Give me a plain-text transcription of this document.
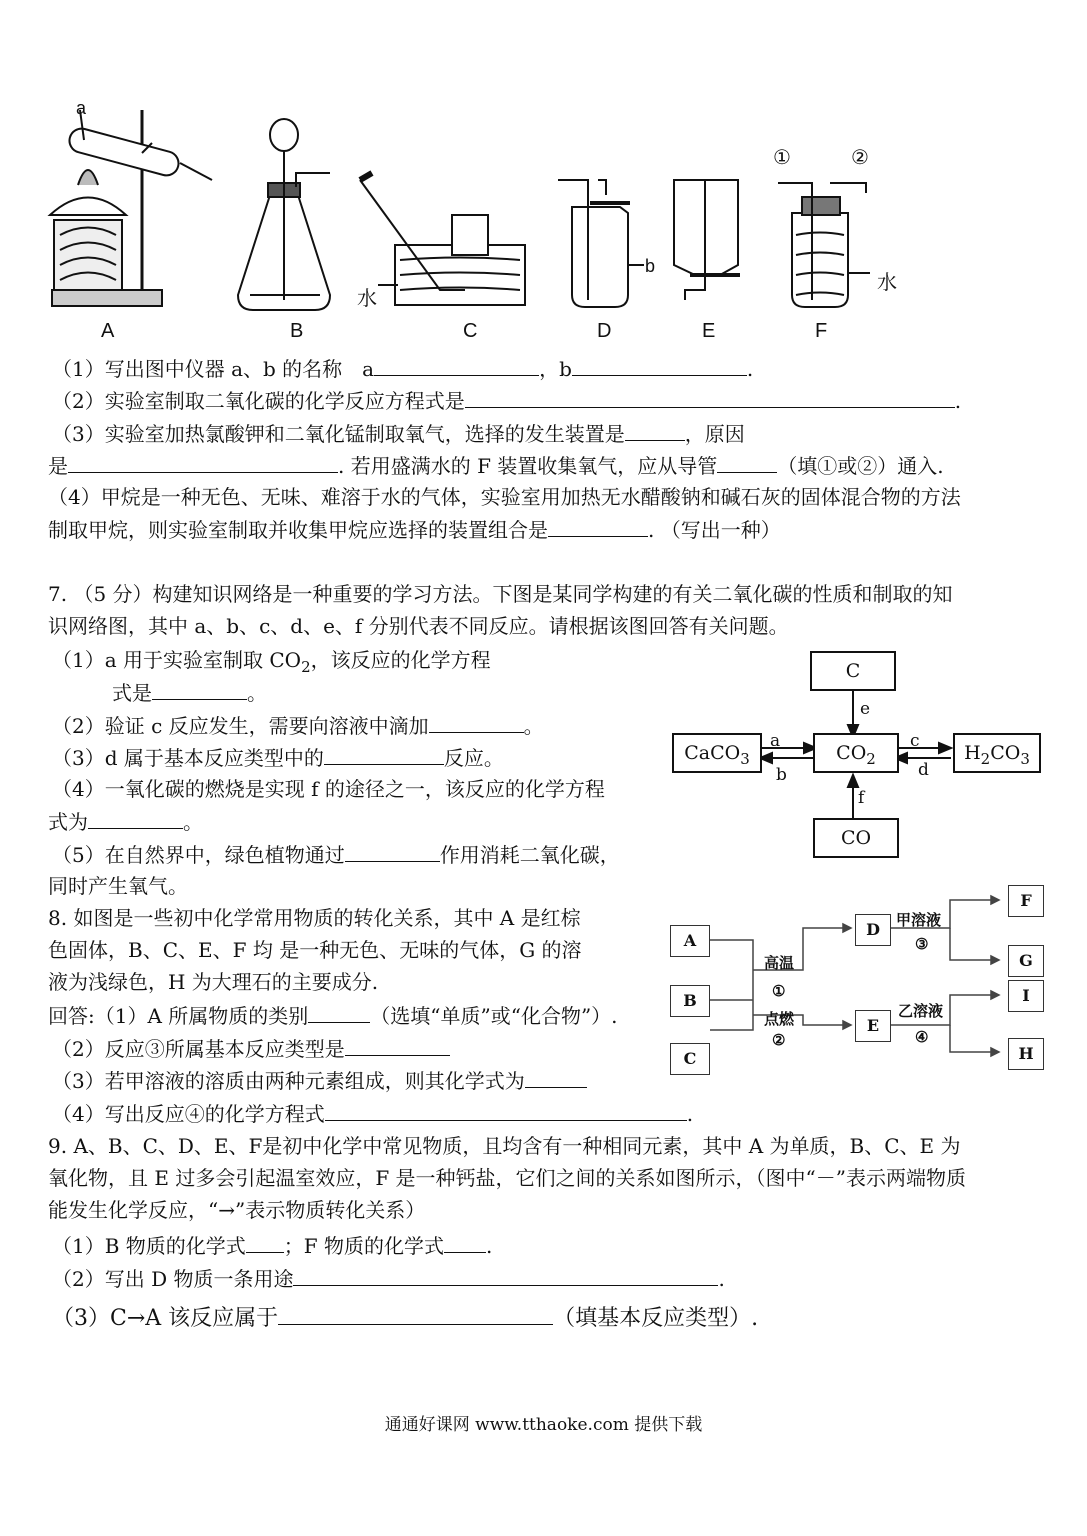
a
b
水
水
①	②
A	B	C	D	E	F
（1）写出图中仪器 a、b 的名称　a	，b	.
（2）实验室制取二氧化碳的化学反应方程式是	.
（3）实验室加热氯酸钾和二氧化锰制取氧气，选择的发生装置是	，原因
是	. 若用盛满水的 F 装置收集氧气，应从导管	（填①或②）通入.
（4）甲烷是一种无色、无味、难溶于水的气体，实验室用加热无水醋酸钠和碱石灰的固体混合物的方法
制取甲烷，则实验室制取并收集甲烷应选择的装置组合是	. （写出一种）
7. （5 分）构建知识网络是一种重要的学习方法。下图是某同学构建的有关二氧化碳的性质和制取的知
识网络图，其中 a、b、c、d、e、f 分别代表不同反应。请根据该图回答有关问题。
（1）a 用于实验室制取 $CO_2$，该反应的化学方程
式是	。
（2）验证 c 反应发生，需要向溶液中滴加	。
（3）d 属于基本反应类型中的	反应。
（4）一氧化碳的燃烧是实现 f 的途径之一，该反应的化学方程
式为	。
（5）在自然界中，绿色植物通过	作用消耗二氧化碳，
同时产生氧气。
C
CaCO$_3$	$CO_2$	$H_2CO_3$
CO
a
b
c
d
e
f
8. 如图是一些初中化学常用物质的转化关系，其中 A 是红棕
色固体，B、C、E、F 均 是一种无色、无味的气体，G 的溶
液为浅绿色，H 为大理石的主要成分.
回答:（1）A 所属物质的类别	（选填“单质”或“化合物”）.
（2）反应③所属基本反应类型是
（3）若甲溶液的溶质由两种元素组成，则其化学式为
（4）写出反应④的化学方程式	.
A
B
C
D
E
F
G
I
H
高温
①
点燃
②
甲溶液
③
乙溶液
④
9. A、B、C、D、E、F是初中化学中常见物质，且均含有一种相同元素，其中 A 为单质，B、C、E 为
氧化物，且 E 过多会引起温室效应，F 是一种钙盐，它们之间的关系如图所示，（图中“－”表示两端物质
能发生化学反应，“→”表示物质转化关系）
（1）B 物质的化学式 ；F 物质的化学式 .
（2）写出 D 物质一条用途	.
（3）C→A 该反应属于	（填基本反应类型）.
通通好课网 www.tthaoke.com 提供下载
